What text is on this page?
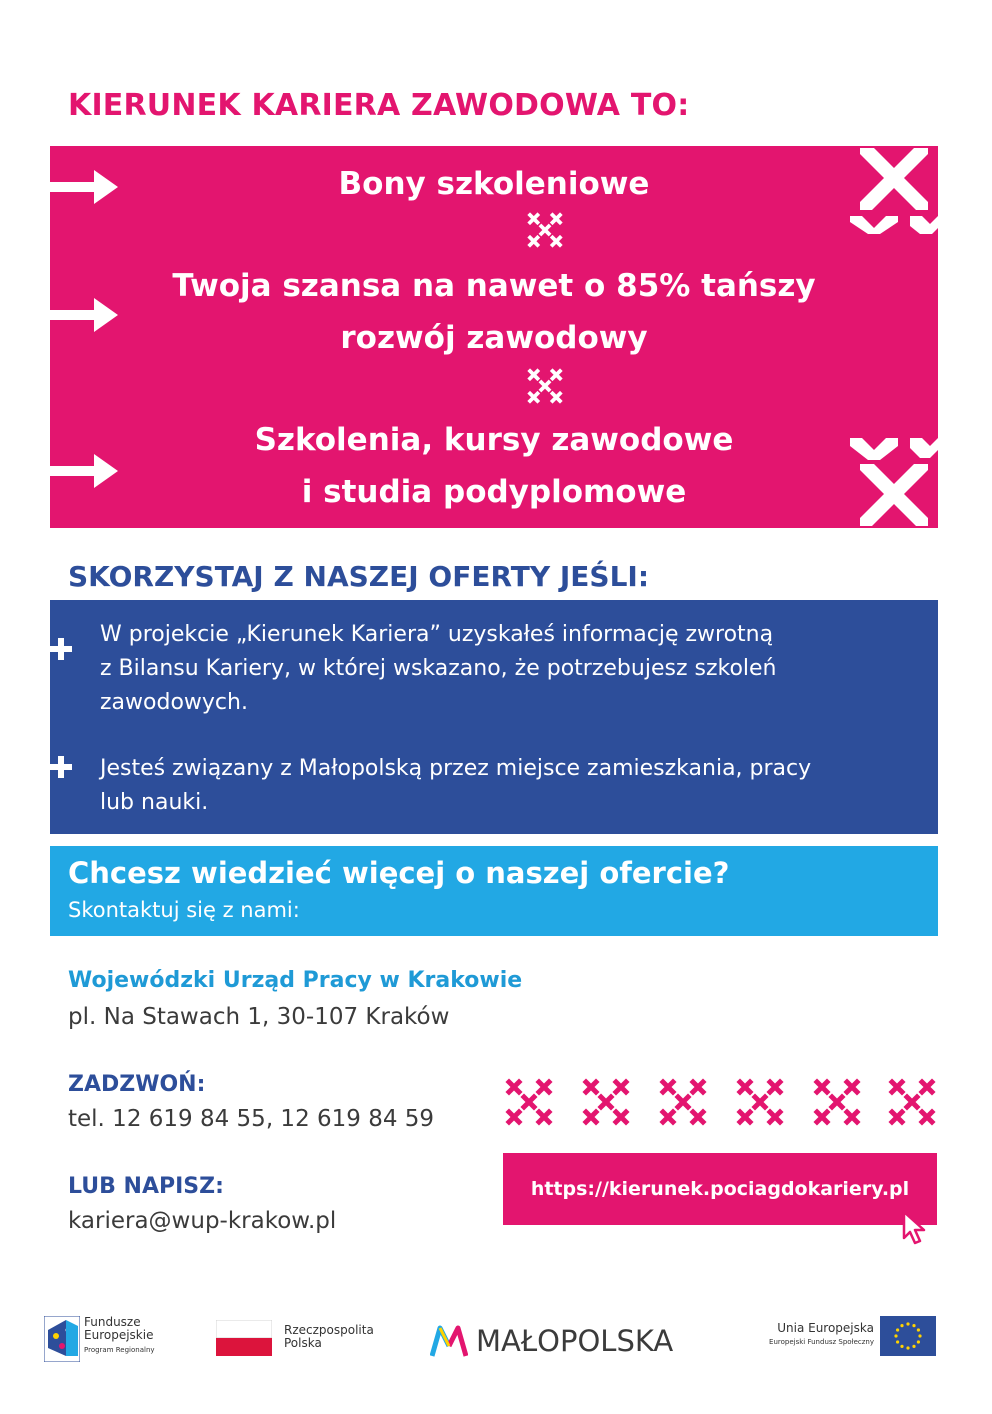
KIERUNEK KARIERA ZAWODOWA TO:
Bony szkoleniowe
Twoja szansa na nawet o 85% tańszy
rozwój zawodowy
Szkolenia, kursy zawodowe
i studia podyplomowe
SKORZYSTAJ Z NASZEJ OFERTY JEŚLI:
W projekcie „Kierunek Kariera” uzyskałeś informację zwrotną
z Bilansu Kariery, w której wskazano, że potrzebujesz szkoleń
zawodowych.
Jesteś związany z Małopolską przez miejsce zamieszkania, pracy
lub nauki.
Chcesz wiedzieć więcej o naszej ofercie?
Skontaktuj się z nami:
Wojewódzki Urząd Pracy w Krakowie
pl. Na Stawach 1, 30-107 Kraków
ZADZWOŃ:
tel. 12 619 84 55, 12 619 84 59
LUB NAPISZ:
kariera@wup-krakow.pl
https://kierunek.pociagdokariery.pl
Fundusze
Europejskie
Program Regionalny
Rzeczpospolita
Polska	MAŁOPOLSKA	Unia Europejska
Europejski Fundusz Społeczny
